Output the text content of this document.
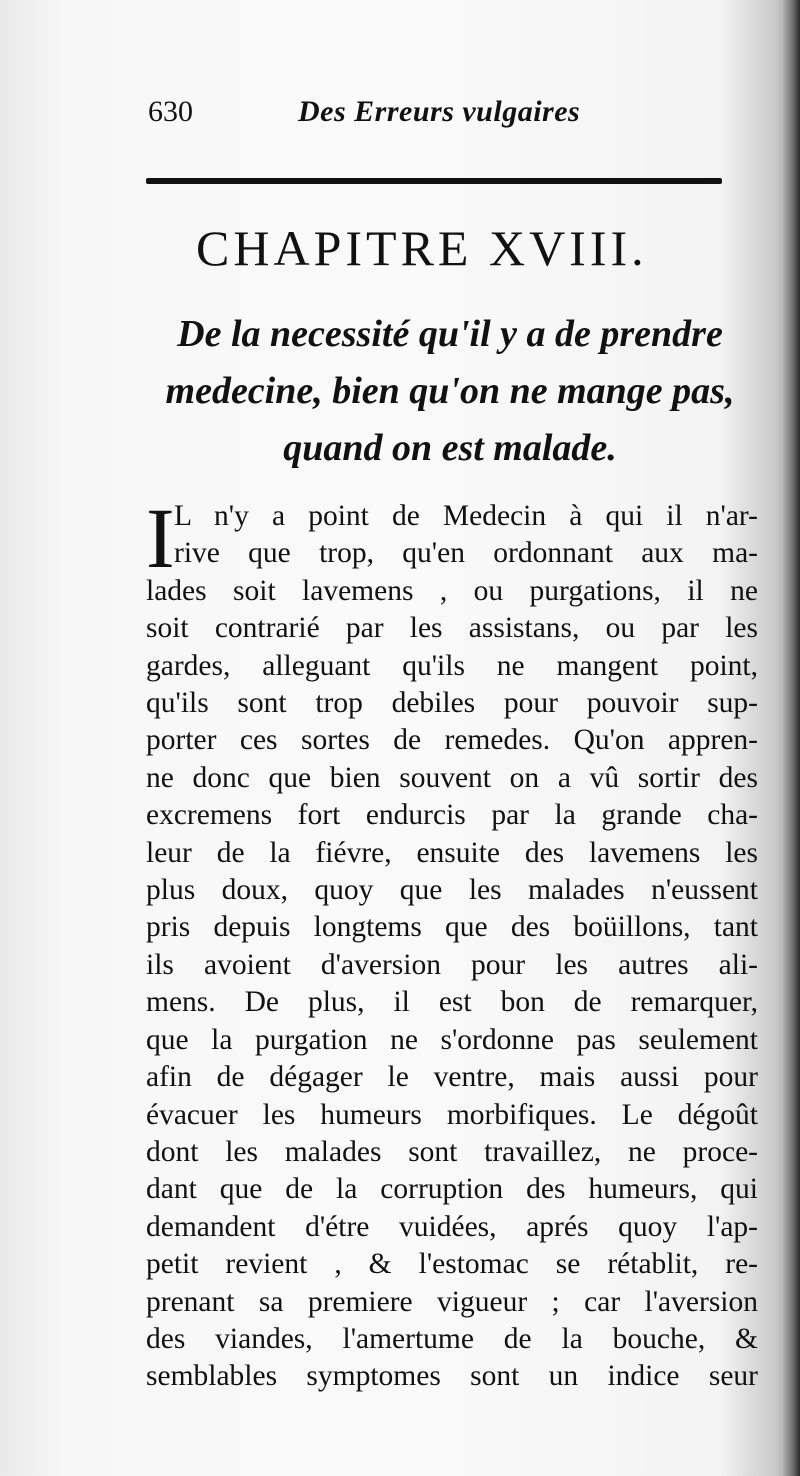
630	Des Erreurs vulgaires
CHAPITRE XVIII.
De la necessité qu'il y a de prendre
medecine, bien qu'on ne mange pas,
quand on est malade.
I L n'y a point de Medecin à qui il n'ar-
rive que trop, qu'en ordonnant aux ma-
lades soit lavemens , ou purgations, il ne
soit contrarié par les assistans, ou par les
gardes, alleguant qu'ils ne mangent point,
qu'ils sont trop debiles pour pouvoir sup-
porter ces sortes de remedes. Qu'on appren-
ne donc que bien souvent on a vû sortir des
excremens fort endurcis par la grande cha-
leur de la fiévre, ensuite des lavemens les
plus doux, quoy que les malades n'eussent
pris depuis longtems que des boüillons, tant
ils avoient d'aversion pour les autres ali-
mens. De plus, il est bon de remarquer,
que la purgation ne s'ordonne pas seulement
afin de dégager le ventre, mais aussi pour
évacuer les humeurs morbifiques. Le dégoût
dont les malades sont travaillez, ne proce-
dant que de la corruption des humeurs, qui
demandent d'étre vuidées, aprés quoy l'ap-
petit revient , & l'estomac se rétablit, re-
prenant sa premiere vigueur ; car l'aversion
des viandes, l'amertume de la bouche, &
semblables symptomes sont un indice seur
